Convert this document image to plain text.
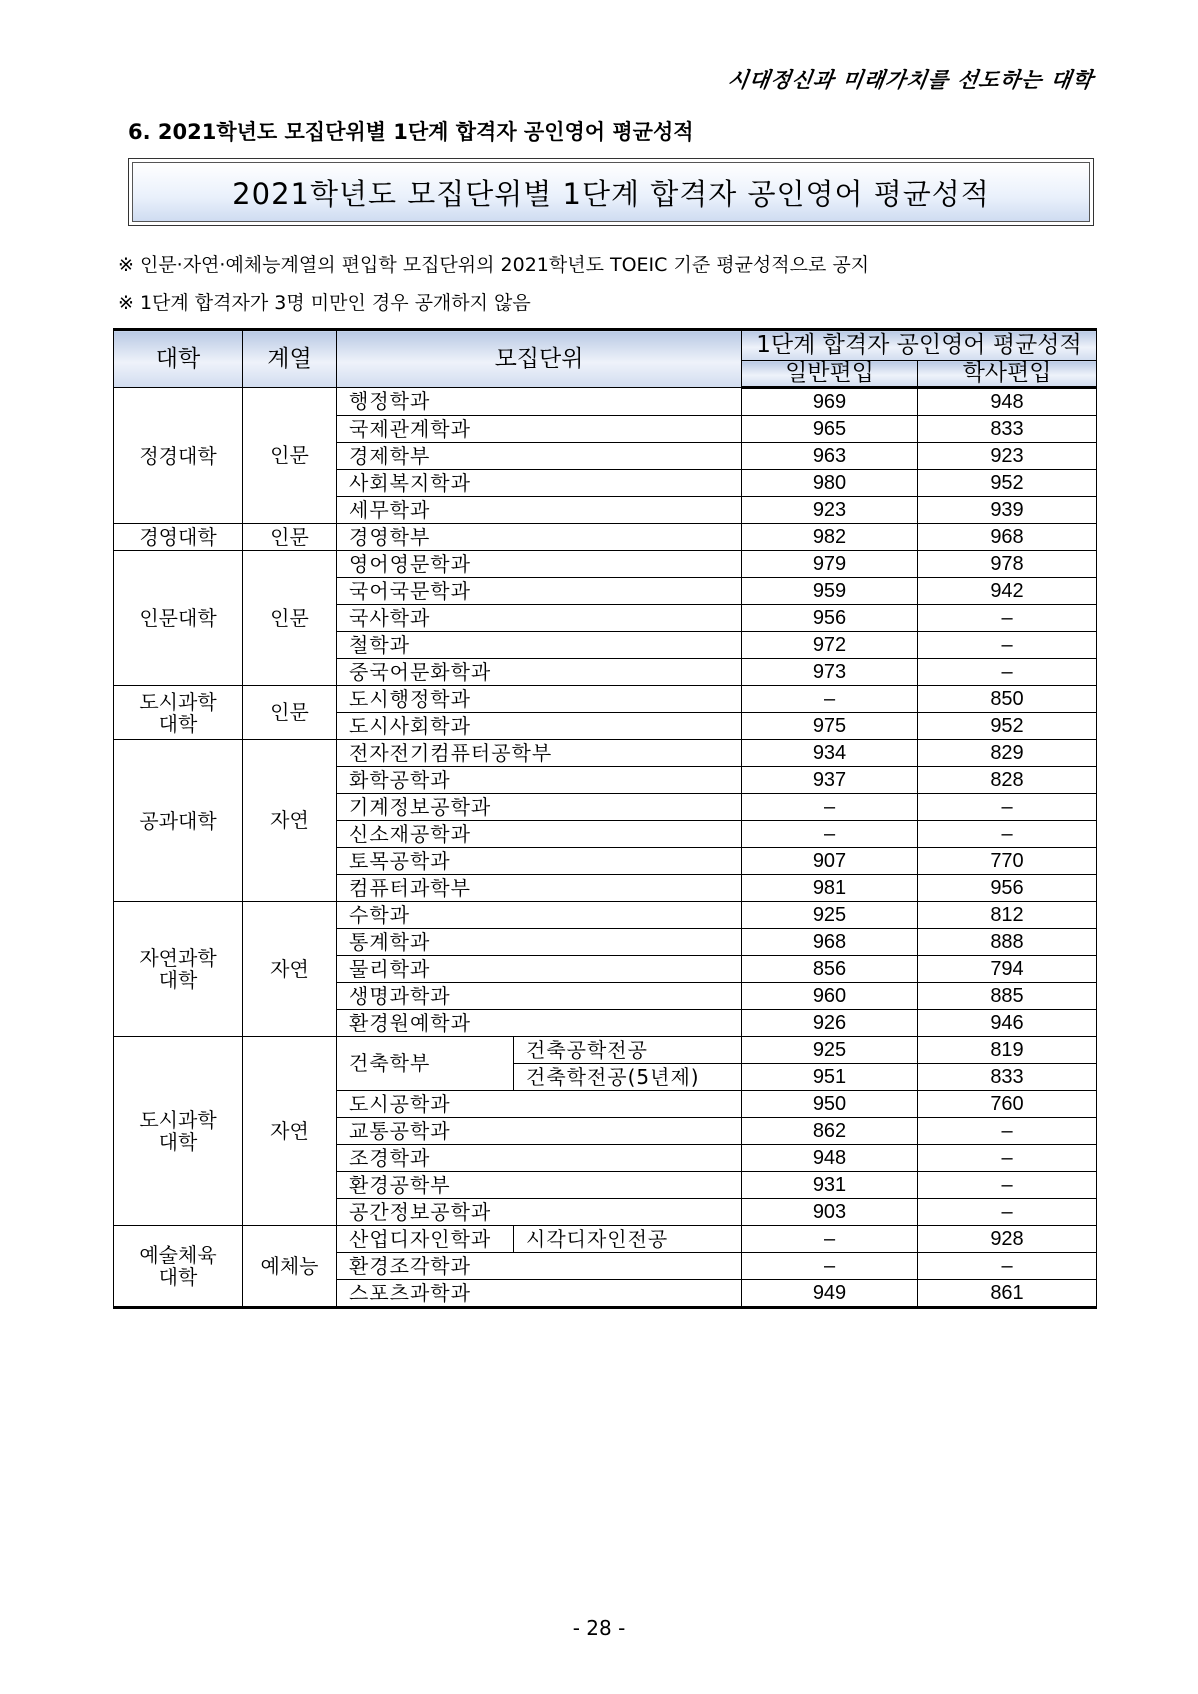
시대정신과 미래가치를 선도하는 대학
6. 2021학년도 모집단위별 1단계 합격자 공인영어 평균성적
2021학년도 모집단위별 1단계 합격자 공인영어 평균성적
※ 인문·자연·예체능계열의 편입학 모집단위의 2021학년도 TOEIC 기준 평균성적으로 공지
※ 1단계 합격자가 3명 미만인 경우 공개하지 않음
대학	계열	모집단위		1단계 합격자 공인영어 평균성적	
				일반편입	학사편입
정경대학	인문	행정학과		969	948
		국제관계학과		965	833
		경제학부		963	923
		사회복지학과		980	952
		세무학과		923	939
경영대학	인문	경영학부		982	968
인문대학	인문	영어영문학과		979	978
		국어국문학과		959	942
		국사학과		956	–
		철학과		972	–
		중국어문화학과		973	–
도시과학
대학	인문	도시행정학과		–	850
		도시사회학과		975	952
공과대학	자연	전자전기컴퓨터공학부		934	829
		화학공학과		937	828
		기계정보공학과		–	–
		신소재공학과		–	–
		토목공학과		907	770
		컴퓨터과학부		981	956
자연과학
대학	자연	수학과		925	812
		통계학과		968	888
		물리학과		856	794
		생명과학과		960	885
		환경원예학과		926	946
도시과학
대학	자연	건축학부	건축공학전공	925	819
			건축학전공(5년제)	951	833
		도시공학과		950	760
		교통공학과		862	–
		조경학과		948	–
		환경공학부		931	–
		공간정보공학과		903	–
예술체육
대학	예체능	산업디자인학과	시각디자인전공	–	928
		환경조각학과		–	–
		스포츠과학과		949	861
- 28 -
